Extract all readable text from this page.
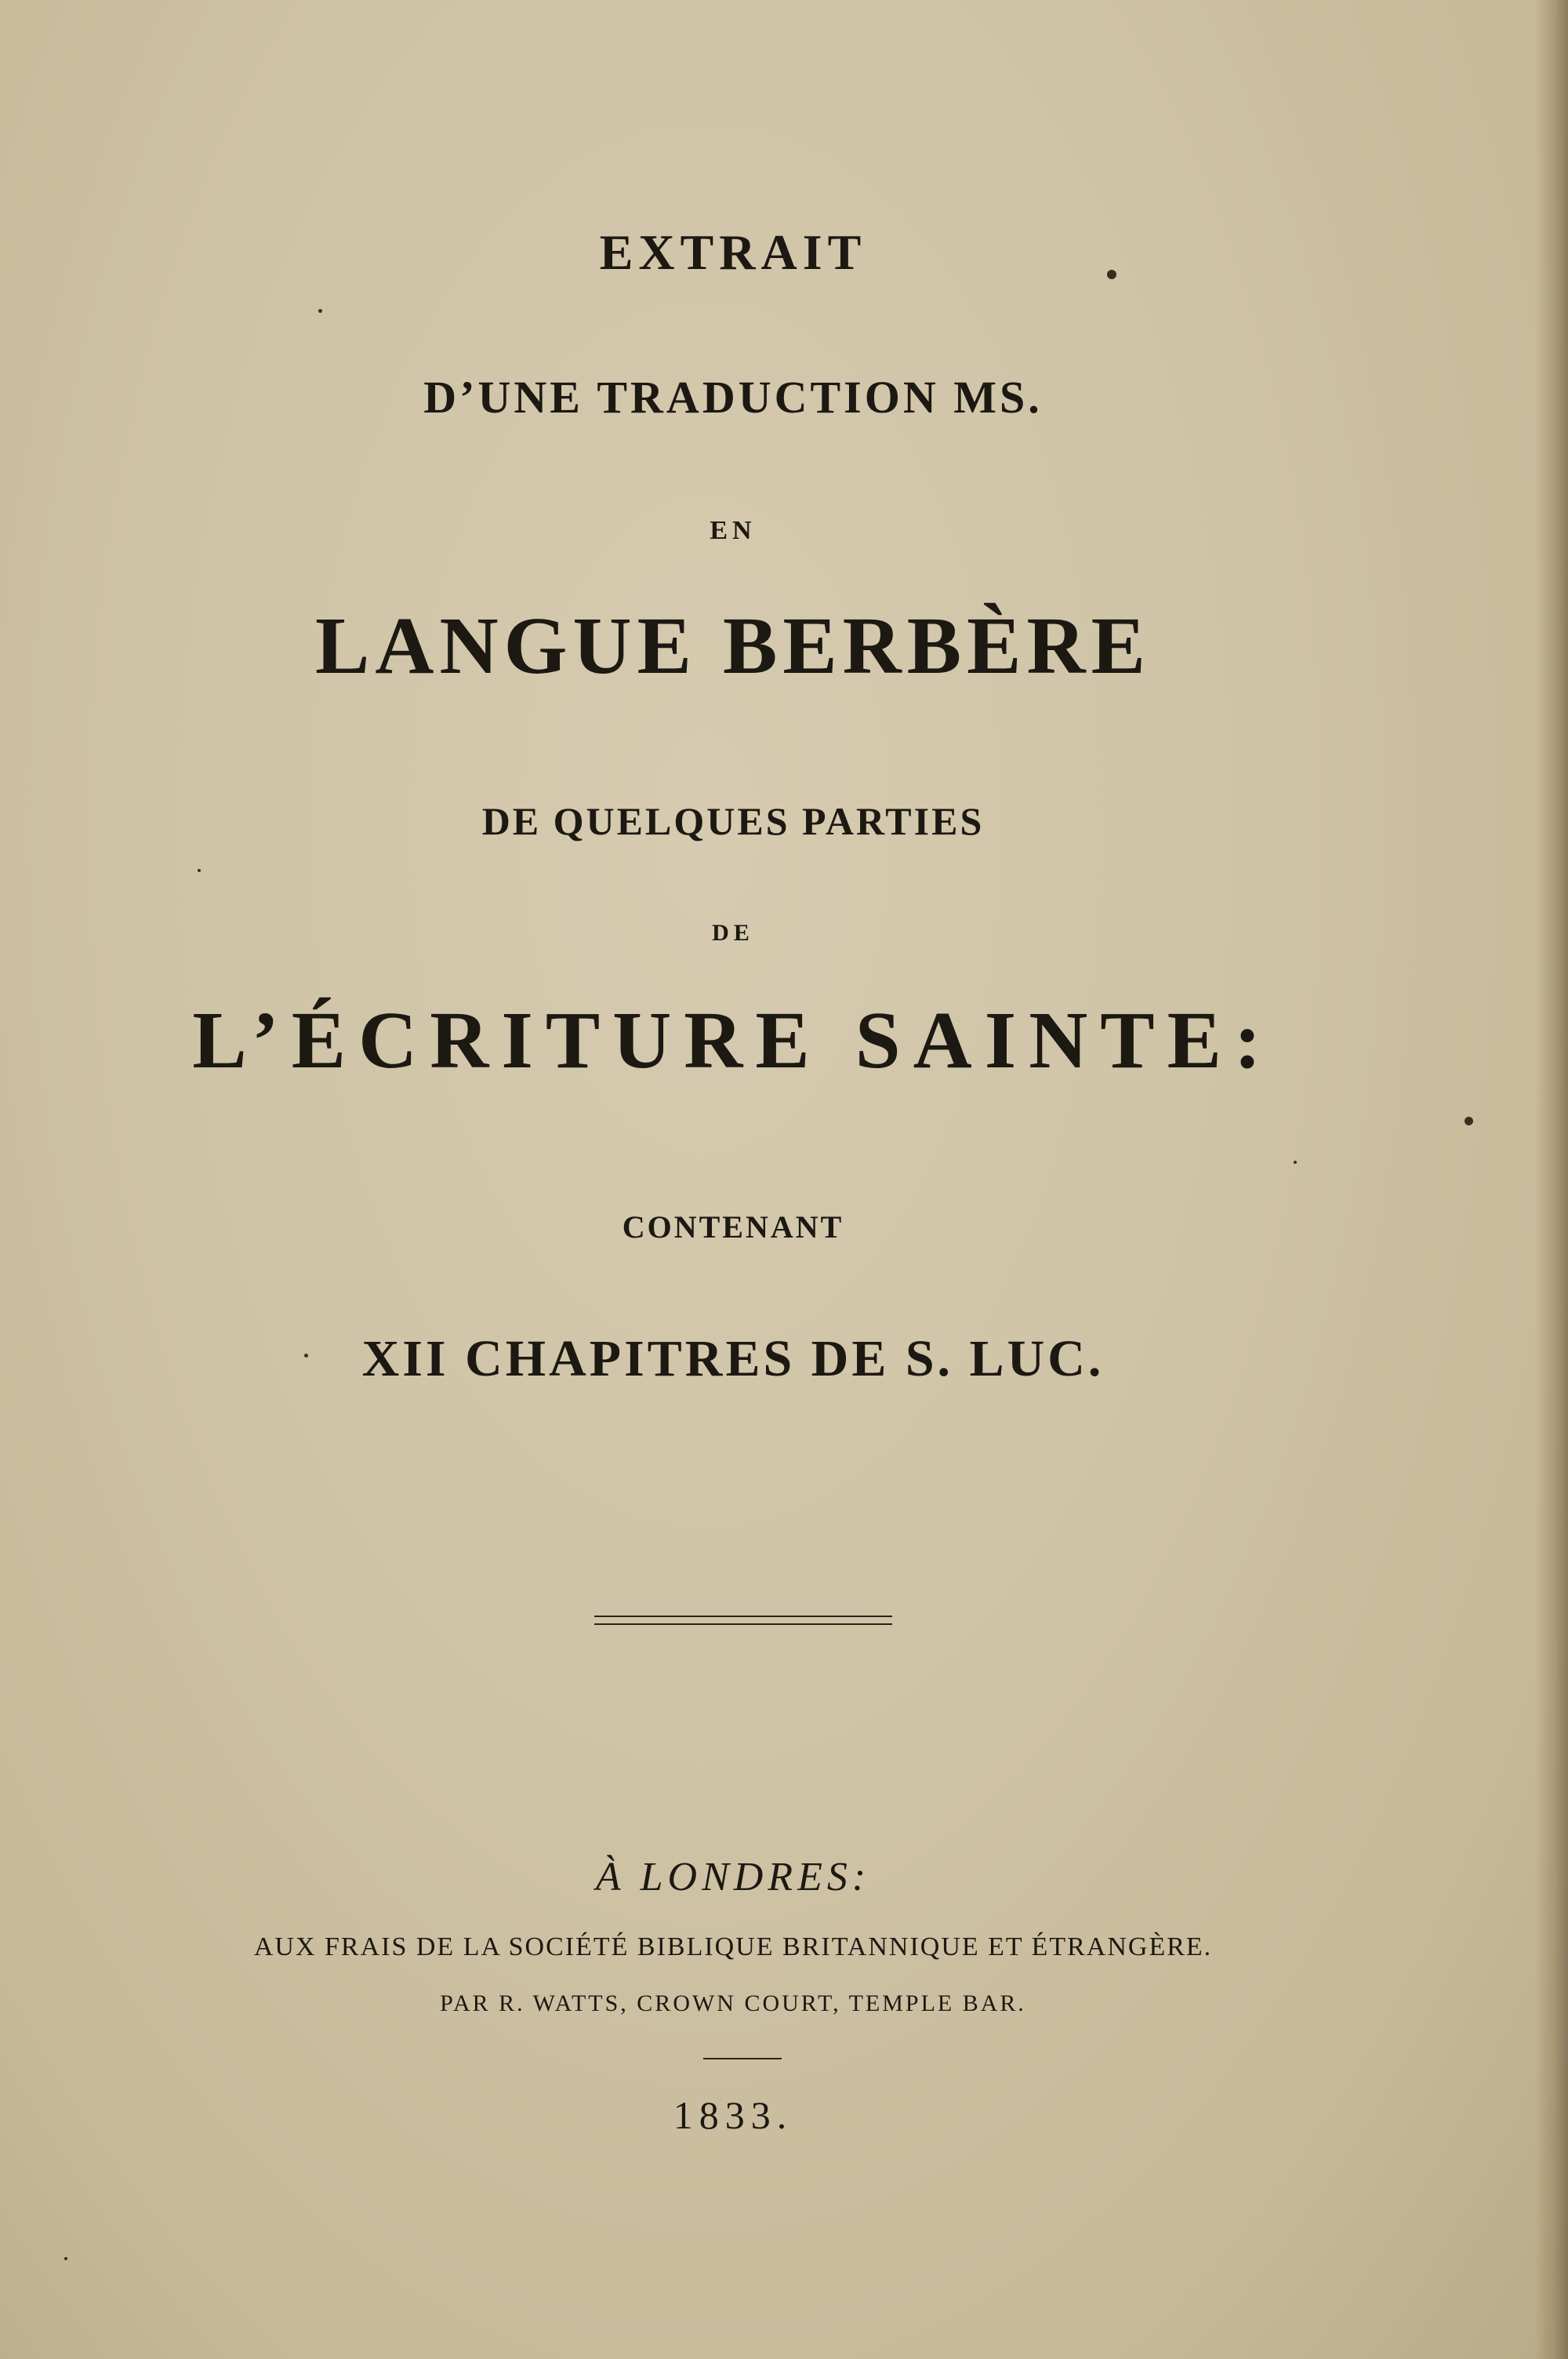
EXTRAIT
D’UNE TRADUCTION MS.
EN
LANGUE BERBÈRE
DE QUELQUES PARTIES
DE
L’ÉCRITURE SAINTE:
CONTENANT
XII CHAPITRES DE S. LUC.
À LONDRES:
AUX FRAIS DE LA SOCIÉTÉ BIBLIQUE BRITANNIQUE ET ÉTRANGÈRE.
PAR R. WATTS, CROWN COURT, TEMPLE BAR.
1833.
